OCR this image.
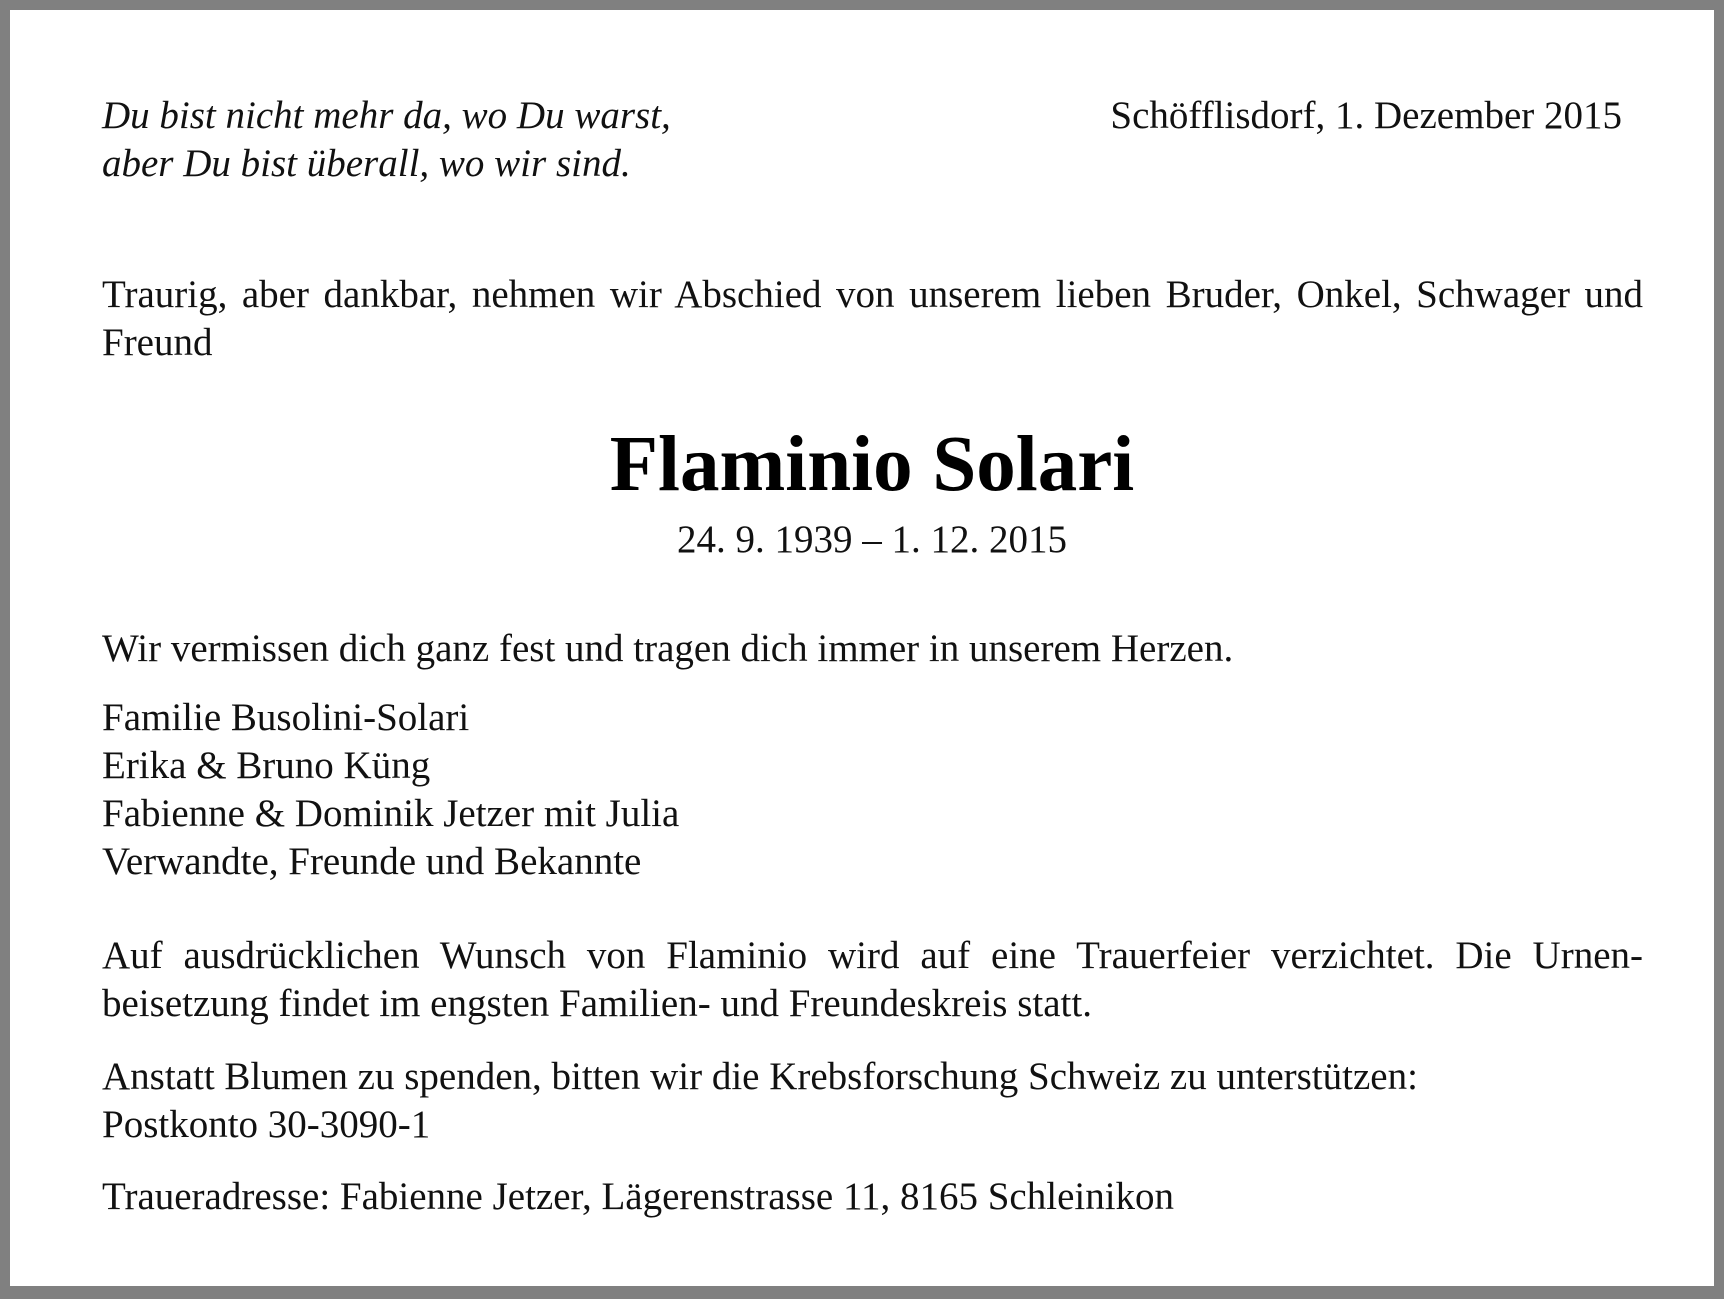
Du bist nicht mehr da, wo Du warst,
aber Du bist überall, wo wir sind.
Schöfflisdorf, 1. Dezember 2015
Traurig, aber dankbar, nehmen wir Abschied von unserem lieben Bruder, Onkel, Schwager und Freund
Flaminio Solari
24. 9. 1939 – 1. 12. 2015
Wir vermissen dich ganz fest und tragen dich immer in unserem Herzen.
Familie Busolini-Solari
Erika & Bruno Küng
Fabienne & Dominik Jetzer mit Julia
Verwandte, Freunde und Bekannte
Auf ausdrücklichen Wunsch von Flaminio wird auf eine Trauerfeier verzichtet. Die Urnen-
beisetzung findet im engsten Familien- und Freundeskreis statt.
Anstatt Blumen zu spenden, bitten wir die Krebsforschung Schweiz zu unterstützen:
Postkonto 30-3090-1
Traueradresse: Fabienne Jetzer, Lägerenstrasse 11, 8165 Schleinikon
